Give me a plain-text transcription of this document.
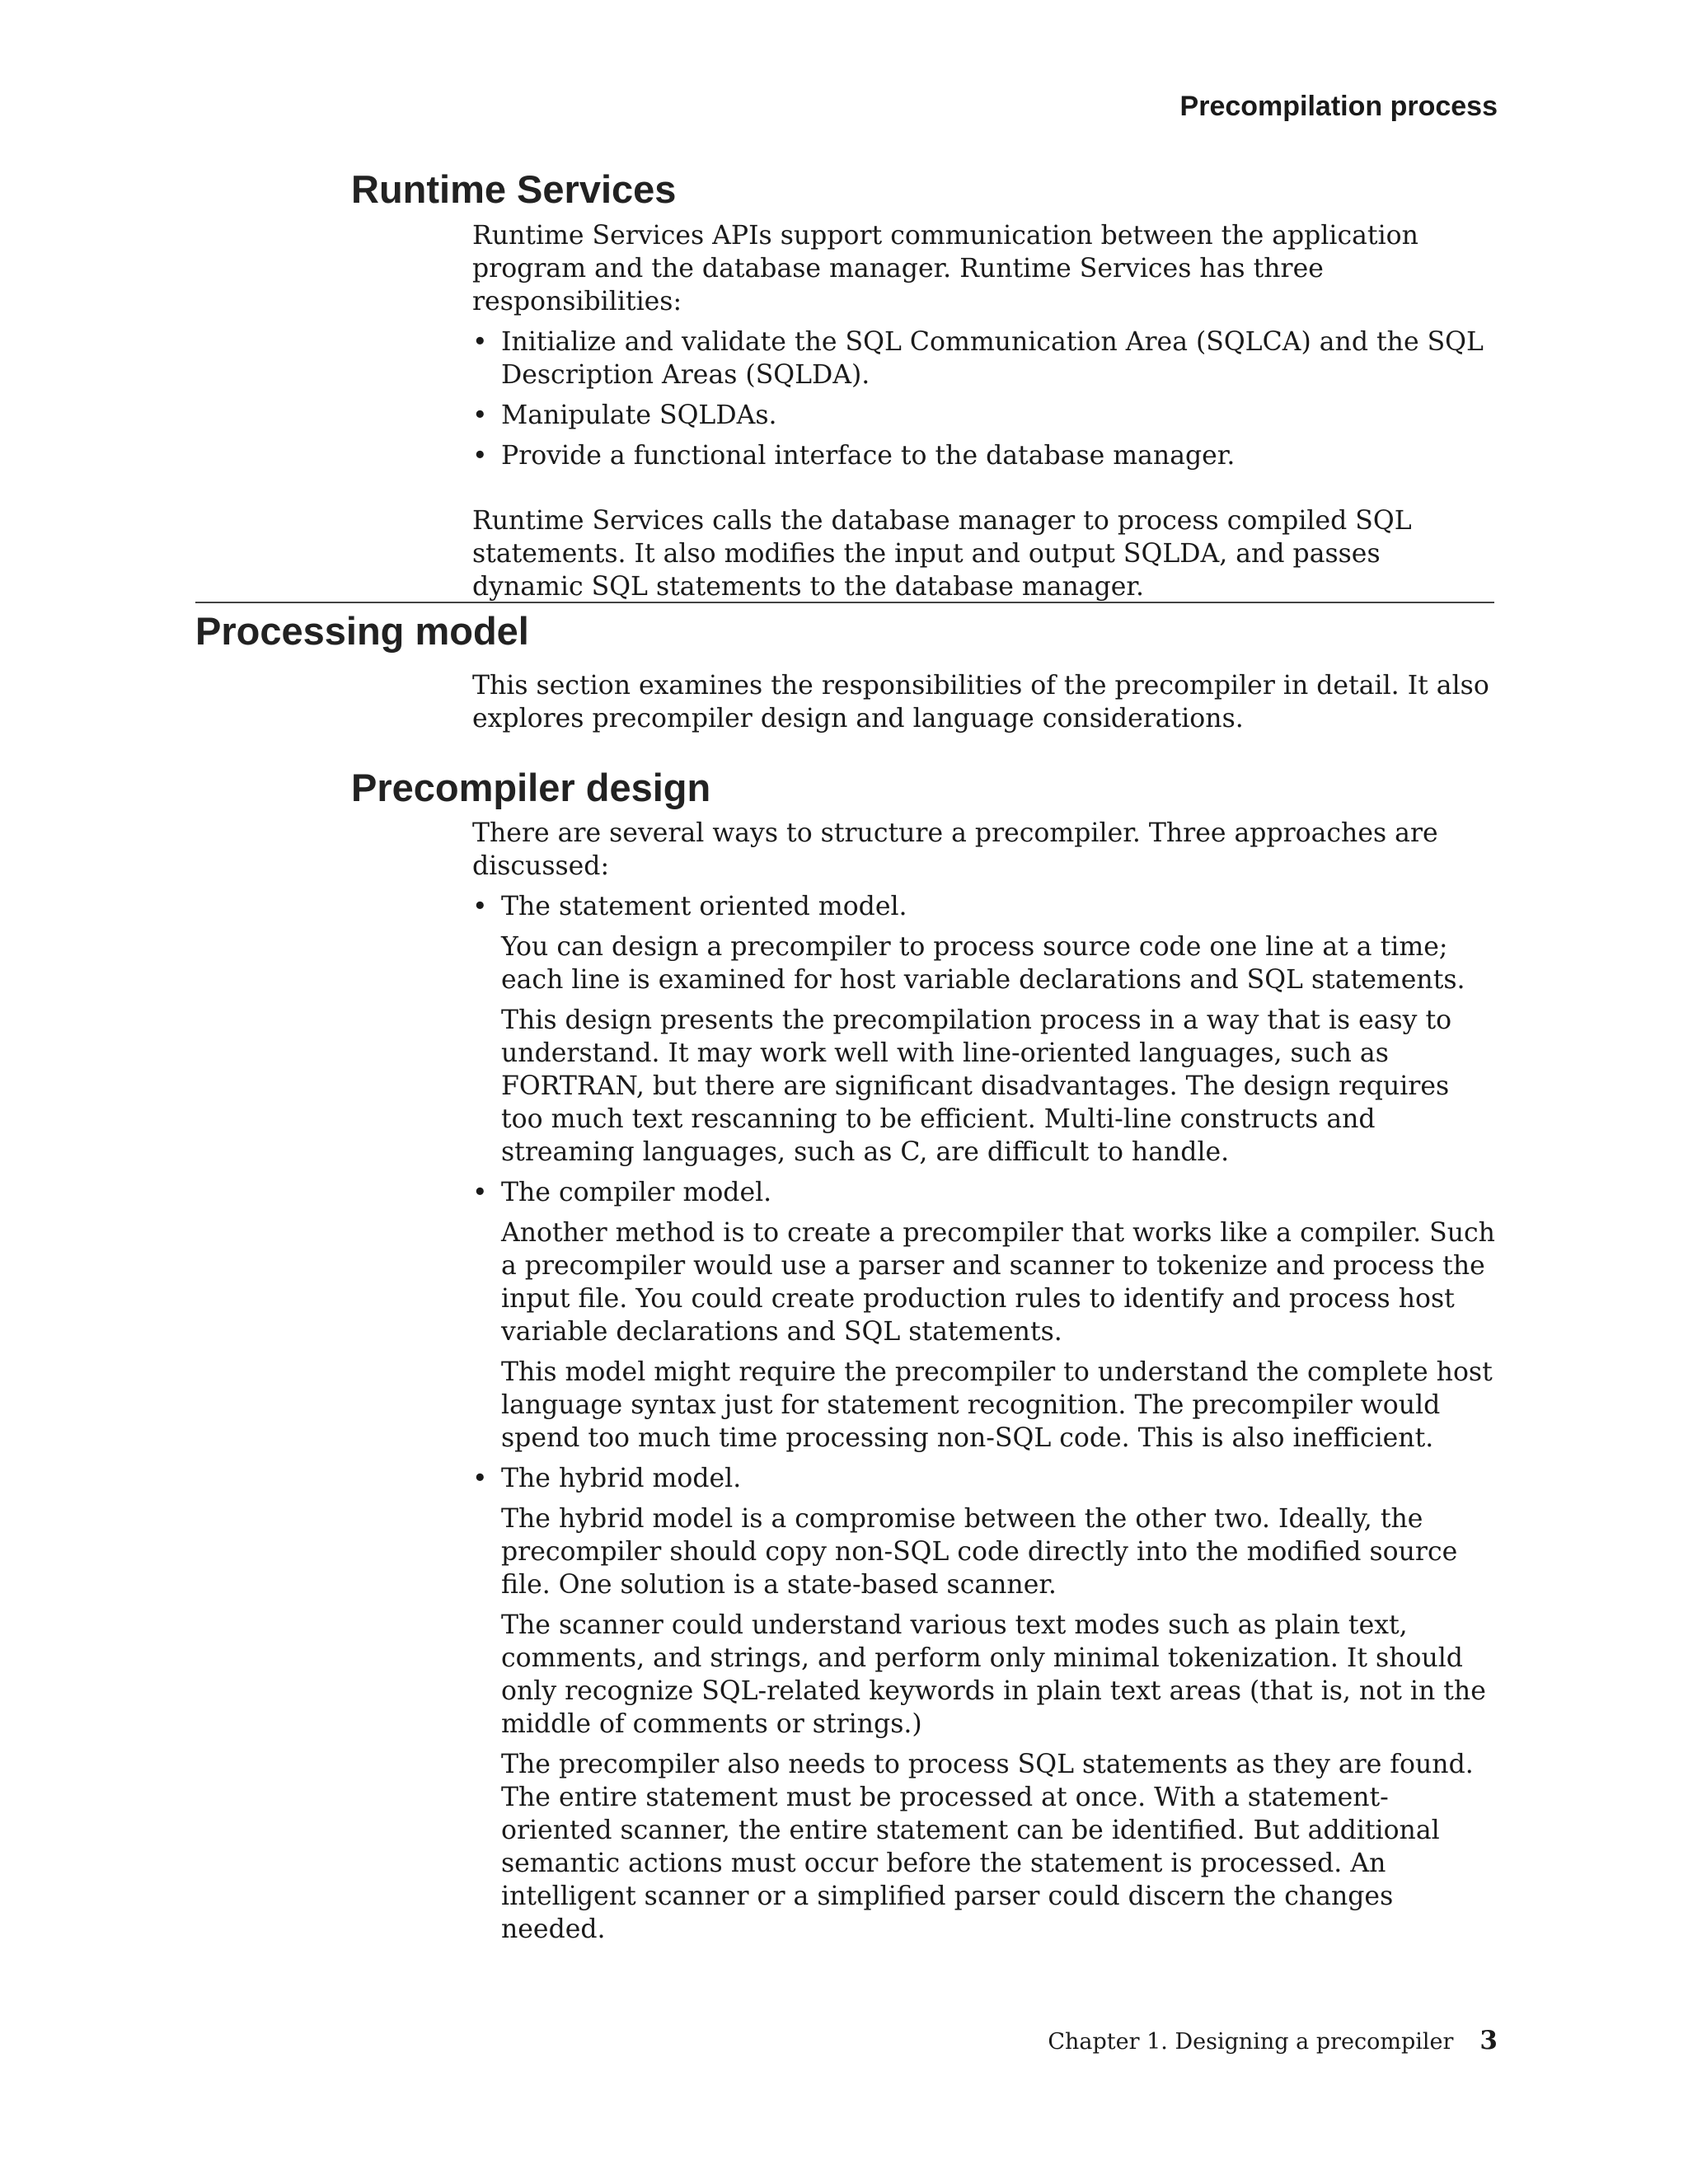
Precompilation process
Runtime Services

Runtime Services APIs support communication between the application program and the database manager. Runtime Services has three responsibilities:

• Initialize and validate the SQL Communication Area (SQLCA) and the SQL Description Areas (SQLDA).
• Manipulate SQLDAs.
• Provide a functional interface to the database manager.

Runtime Services calls the database manager to process compiled SQL statements. It also modifies the input and output SQLDA, and passes dynamic SQL statements to the database manager.

Processing model

This section examines the responsibilities of the precompiler in detail. It also explores precompiler design and language considerations.

Precompiler design

There are several ways to structure a precompiler. Three approaches are discussed:

• The statement oriented model.

You can design a precompiler to process source code one line at a time; each line is examined for host variable declarations and SQL statements.

This design presents the precompilation process in a way that is easy to understand. It may work well with line-oriented languages, such as FORTRAN, but there are significant disadvantages. The design requires too much text rescanning to be efficient. Multi-line constructs and streaming languages, such as C, are difficult to handle.

• The compiler model.

Another method is to create a precompiler that works like a compiler. Such a precompiler would use a parser and scanner to tokenize and process the input file. You could create production rules to identify and process host variable declarations and SQL statements.

This model might require the precompiler to understand the complete host language syntax just for statement recognition. The precompiler would spend too much time processing non-SQL code. This is also inefficient.

• The hybrid model.

The hybrid model is a compromise between the other two. Ideally, the precompiler should copy non-SQL code directly into the modified source file. One solution is a state-based scanner.

The scanner could understand various text modes such as plain text, comments, and strings, and perform only minimal tokenization. It should only recognize SQL-related keywords in plain text areas (that is, not in the middle of comments or strings.)

The precompiler also needs to process SQL statements as they are found. The entire statement must be processed at once. With a statement-oriented scanner, the entire statement can be identified. But additional semantic actions must occur before the statement is processed. An intelligent scanner or a simplified parser could discern the changes needed.

Chapter 1. Designing a precompiler 3
